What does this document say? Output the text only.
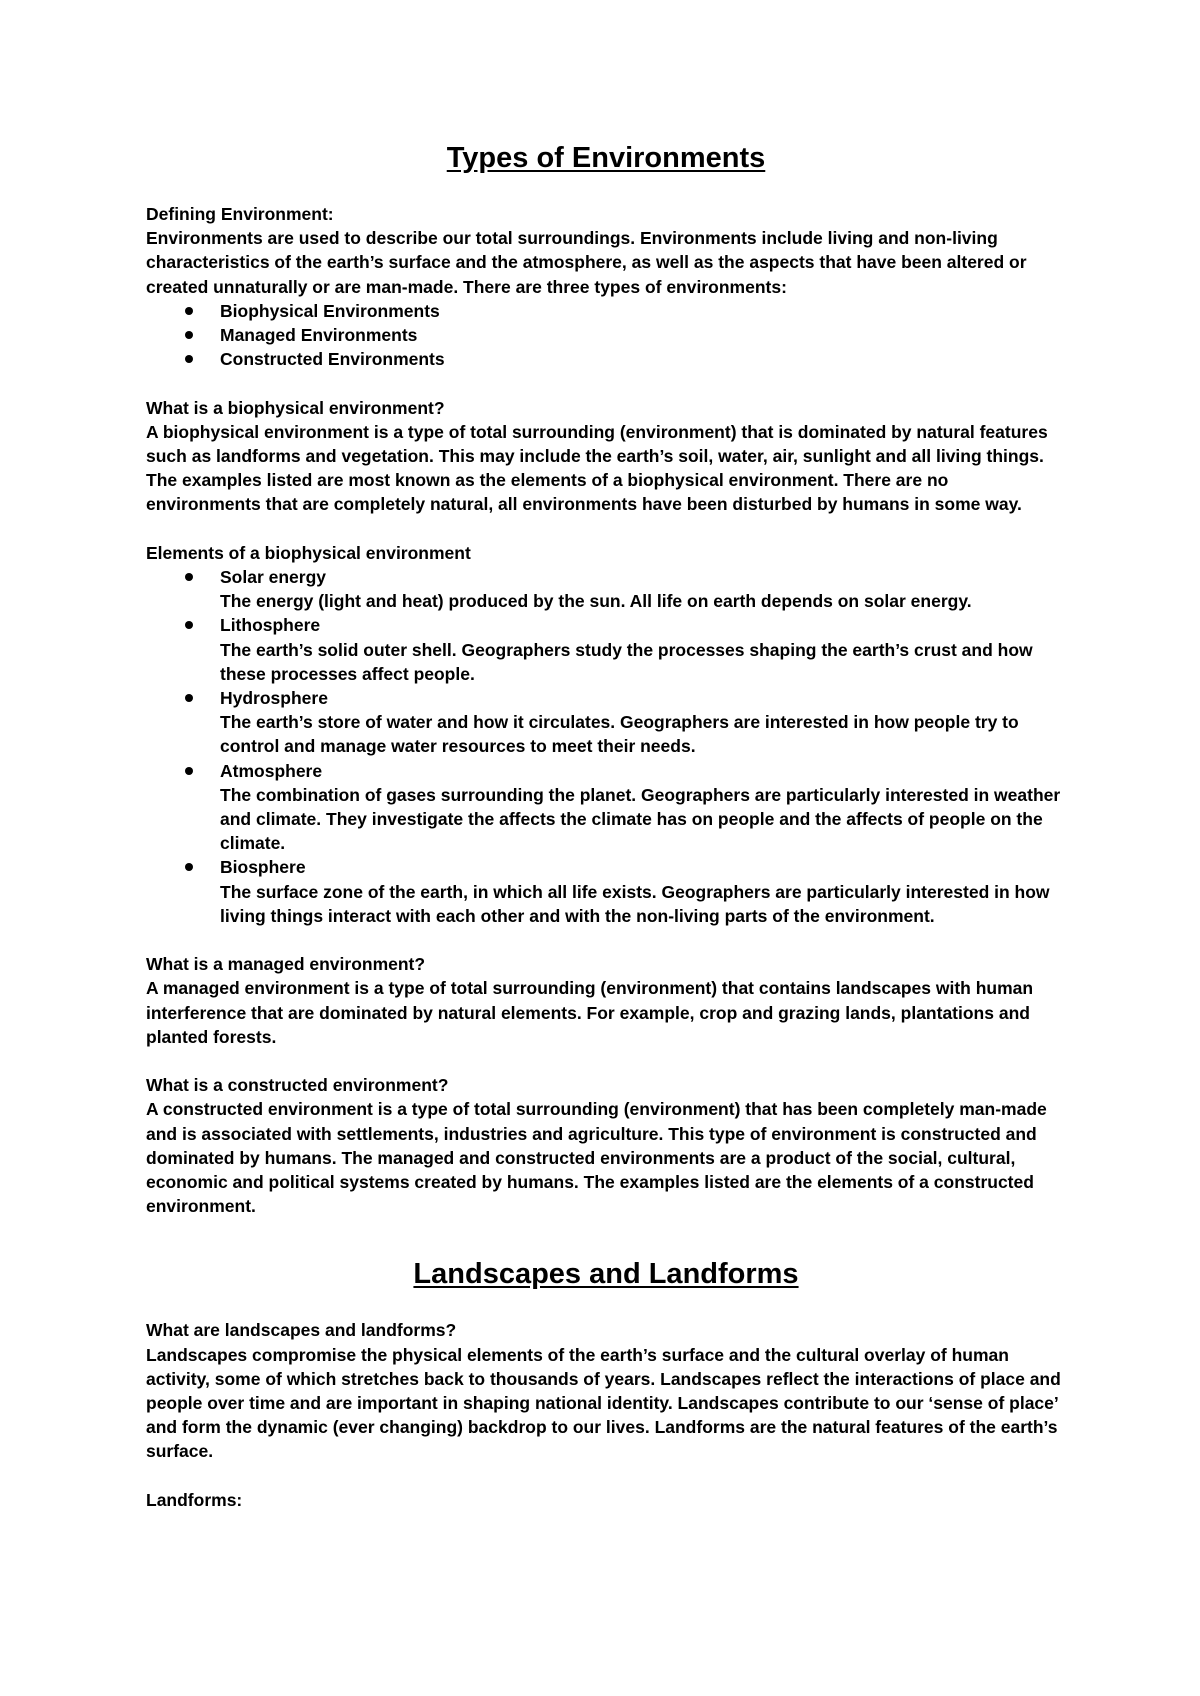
Types of Environments

Defining Environment:

Environments are used to describe our total surroundings. Environments include living and non-living characteristics of the earth’s surface and the atmosphere, as well as the aspects that have been altered or created unnaturally or are man-made. There are three types of environments:

Biophysical Environments
Managed Environments
Constructed Environments

What is a biophysical environment?

A biophysical environment is a type of total surrounding (environment) that is dominated by natural features such as landforms and vegetation. This may include the earth’s soil, water, air, sunlight and all living things. The examples listed are most known as the elements of a biophysical environment. There are no environments that are completely natural, all environments have been disturbed by humans in some way.

Elements of a biophysical environment

Solar energy
The energy (light and heat) produced by the sun. All life on earth depends on solar energy.
Lithosphere
The earth’s solid outer shell. Geographers study the processes shaping the earth’s crust and how these processes affect people.
Hydrosphere
The earth’s store of water and how it circulates. Geographers are interested in how people try to control and manage water resources to meet their needs.
Atmosphere
The combination of gases surrounding the planet. Geographers are particularly interested in weather and climate. They investigate the affects the climate has on people and the affects of people on the climate.
Biosphere
The surface zone of the earth, in which all life exists. Geographers are particularly interested in how living things interact with each other and with the non-living parts of the environment.

What is a managed environment?

A managed environment is a type of total surrounding (environment) that contains landscapes with human interference that are dominated by natural elements. For example, crop and grazing lands, plantations and planted forests.

What is a constructed environment?

A constructed environment is a type of total surrounding (environment) that has been completely man-made and is associated with settlements, industries and agriculture. This type of environment is constructed and dominated by humans. The managed and constructed environments are a product of the social, cultural, economic and political systems created by humans. The examples listed are the elements of a constructed environment.

Landscapes and Landforms

What are landscapes and landforms?

Landscapes compromise the physical elements of the earth’s surface and the cultural overlay of human activity, some of which stretches back to thousands of years. Landscapes reflect the interactions of place and people over time and are important in shaping national identity. Landscapes contribute to our ‘sense of place’ and form the dynamic (ever changing) backdrop to our lives. Landforms are the natural features of the earth’s surface.

Landforms:
